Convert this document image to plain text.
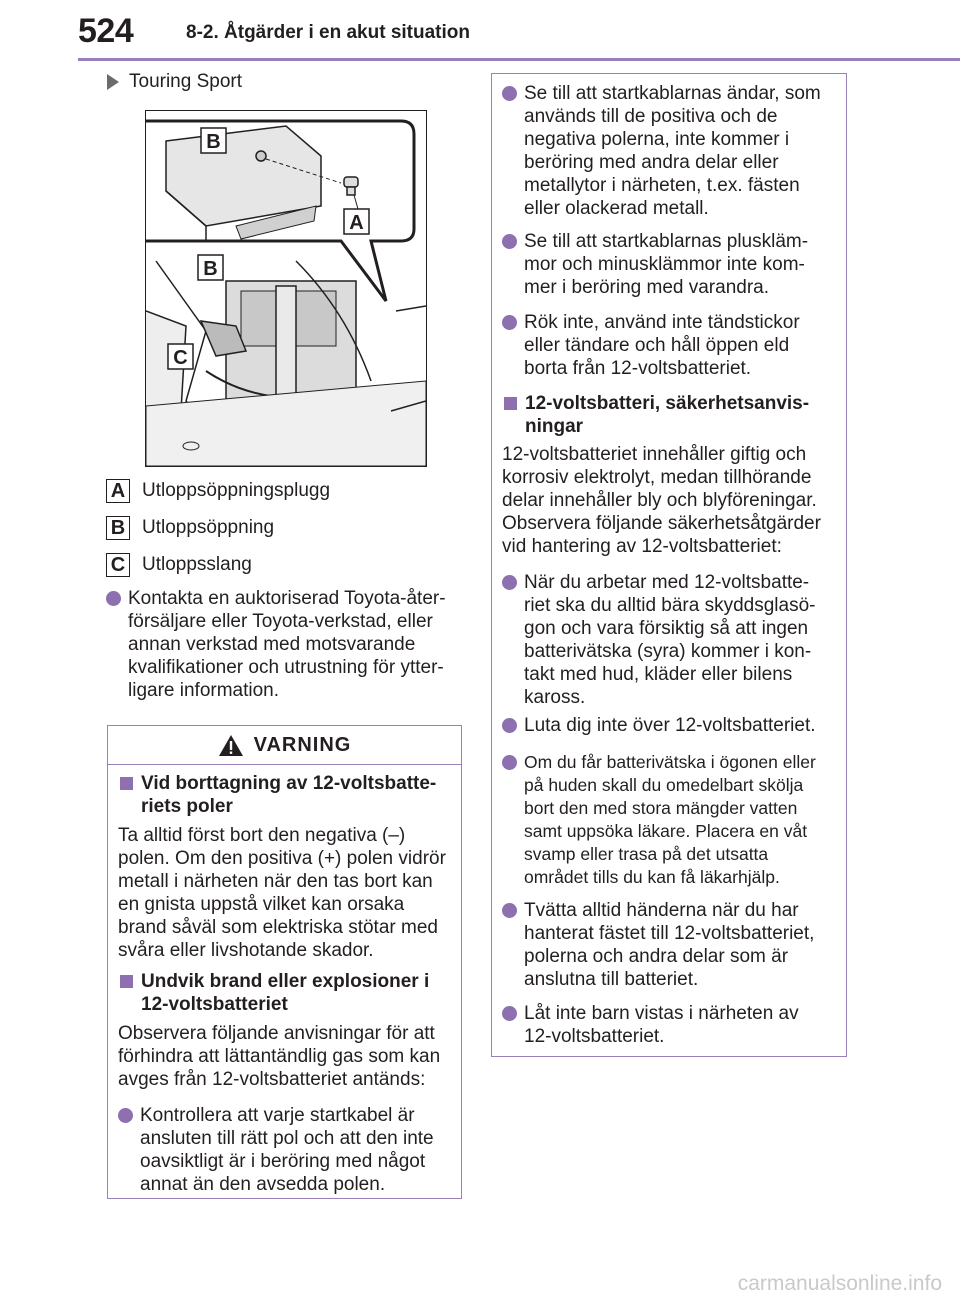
524	8-2. Åtgärder i en akut situation
Touring Sport
B
A
B
C
A Utloppsöppningsplugg
B Utloppsöppning
C Utloppsslang
Kontakta en auktoriserad Toyota-åter-
försäljare eller Toyota-verkstad, eller
annan verkstad med motsvarande
kvalifikationer och utrustning för ytter-
ligare information.
VARNING
Vid borttagning av 12-voltsbatte-
riets poler
Ta alltid först bort den negativa (–)
polen. Om den positiva (+) polen vidrör
metall i närheten när den tas bort kan
en gnista uppstå vilket kan orsaka
brand såväl som elektriska stötar med
svåra eller livshotande skador.
Undvik brand eller explosioner i
12-voltsbatteriet
Observera följande anvisningar för att
förhindra att lättantändlig gas som kan
avges från 12-voltsbatteriet antänds:
Kontrollera att varje startkabel är
ansluten till rätt pol och att den inte
oavsiktligt är i beröring med något
annat än den avsedda polen.
Se till att startkablarnas ändar, som
används till de positiva och de
negativa polerna, inte kommer i
beröring med andra delar eller
metallytor i närheten, t.ex. fästen
eller olackerad metall.
Se till att startkablarnas pluskläm-
mor och minusklämmor inte kom-
mer i beröring med varandra.
Rök inte, använd inte tändstickor
eller tändare och håll öppen eld
borta från 12-voltsbatteriet.
12-voltsbatteri, säkerhetsanvis-
ningar
12-voltsbatteriet innehåller giftig och
korrosiv elektrolyt, medan tillhörande
delar innehåller bly och blyföreningar.
Observera följande säkerhetsåtgärder
vid hantering av 12-voltsbatteriet:
När du arbetar med 12-voltsbatte-
riet ska du alltid bära skyddsglasö-
gon och vara försiktig så att ingen
batterivätska (syra) kommer i kon-
takt med hud, kläder eller bilens
kaross.
Luta dig inte över 12-voltsbatteriet.
Om du får batterivätska i ögonen eller
på huden skall du omedelbart skölja
bort den med stora mängder vatten
samt uppsöka läkare. Placera en våt
svamp eller trasa på det utsatta
området tills du kan få läkarhjälp.
Tvätta alltid händerna när du har
hanterat fästet till 12-voltsbatteriet,
polerna och andra delar som är
anslutna till batteriet.
Låt inte barn vistas i närheten av
12-voltsbatteriet.
carmanualsonline.info
